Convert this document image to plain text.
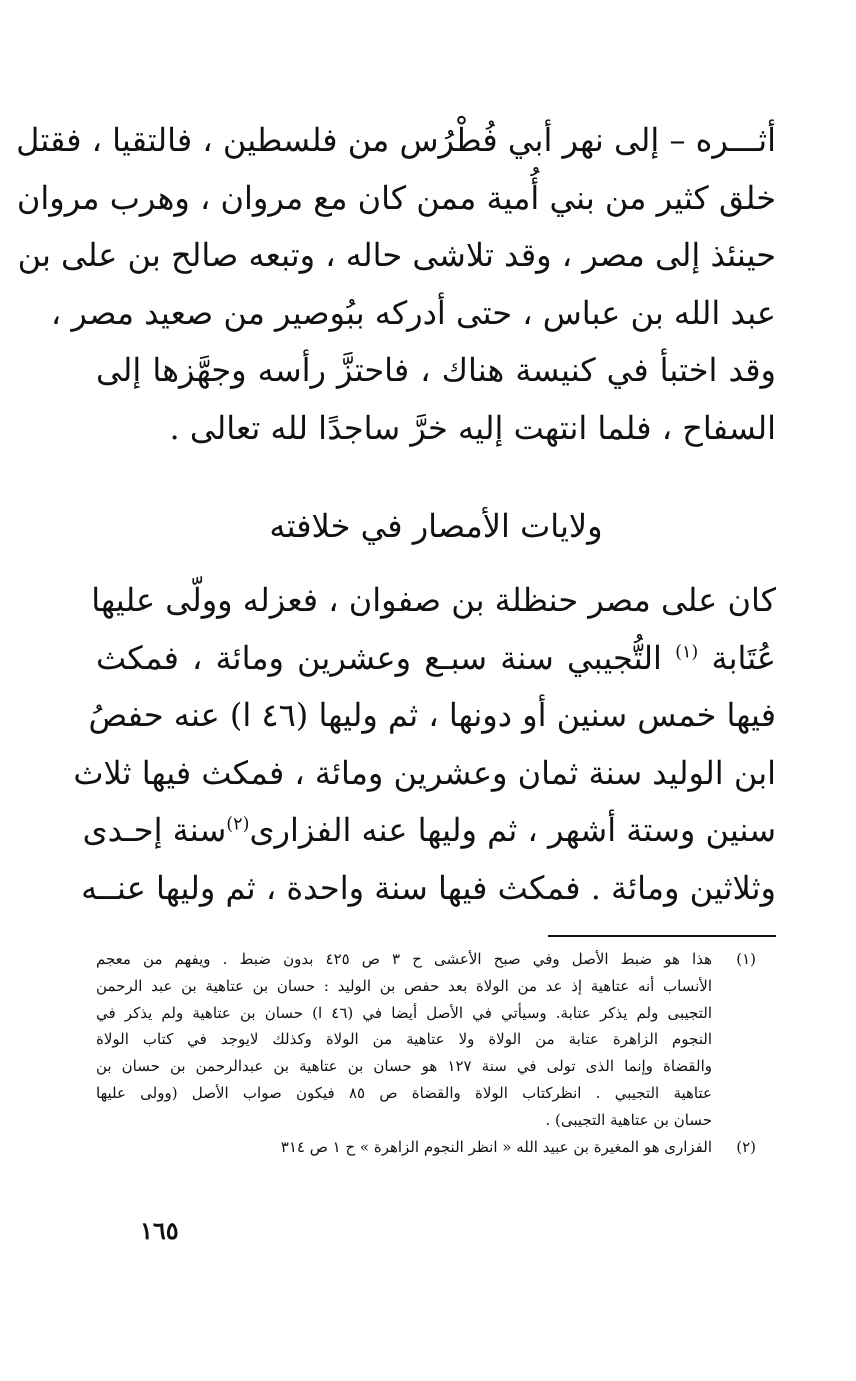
أثـــره – إلى نهر أبي فُطْرُس من فلسطين ، فالتقيا ، فقتل
خلق كثير من بني أُمية ممن كان مع مروان ، وهرب مروان
حينئذ إلى مصر ، وقد تلاشى حاله ، وتبعه صالح بن على بن
عبد الله بن عباس ، حتى أدركه ببُوصير من صعيد مصر ،
وقد اختبأ في كنيسة هناك ، فاحتزَّ رأسه وجهَّزها إلى
السفاح ، فلما انتهت إليه خرَّ ساجدًا لله تعالى .
ولايات الأمصار في خلافته
كان على مصر حنظلة بن صفوان ، فعزله وولّى عليها
عُتَابة $^{(١)}$ التُّجيبي سنة سبـع وعشرين ومائة ، فمكث
فيها خمس سنين أو دونها ، ثم وليها (٤٦ ا) عنه حفصُ
ابن الوليد سنة ثمان وعشرين ومائة ، فمكث فيها ثلاث
سنين وستة أشهر ، ثم وليها عنه الفزارى$^{(٢)}$سنة إحـدى
وثلاثين ومائة . فمكث فيها سنة واحدة ، ثم وليها عنــه
(١)
هذا هو ضبط الأصل وفي صبح الأعشى ح ٣ ص ٤٢٥ بدون ضبط . ويفهم من معجم
الأنساب أنه عتاهية إذ عد من الولاة بعد حفص بن الوليد : حسان بن عتاهية بن عبد الرحمن
التجيبى ولم يذكر عتابة. وسيأتي في الأصل أيضا في (٤٦ ا) حسان بن عتاهية ولم يذكر في
النجوم الزاهرة عتابة من الولاة ولا عتاهية من الولاة وكذلك لايوجد في كتاب الولاة
والقضاة وإنما الذى تولى في سنة ١٢٧ هو حسان بن عتاهية بن عبدالرحمن بن حسان بن
عتاهية التجيبي . انظركتاب الولاة والقضاة ص ٨٥ فيكون صواب الأصل (وولى عليها
حسان بن عتاهية التجيبى) .
(٢)
الفزارى هو المغيرة بن عبيد الله « انظر النجوم الزاهرة » ح ١ ص ٣١٤
١٦٥
